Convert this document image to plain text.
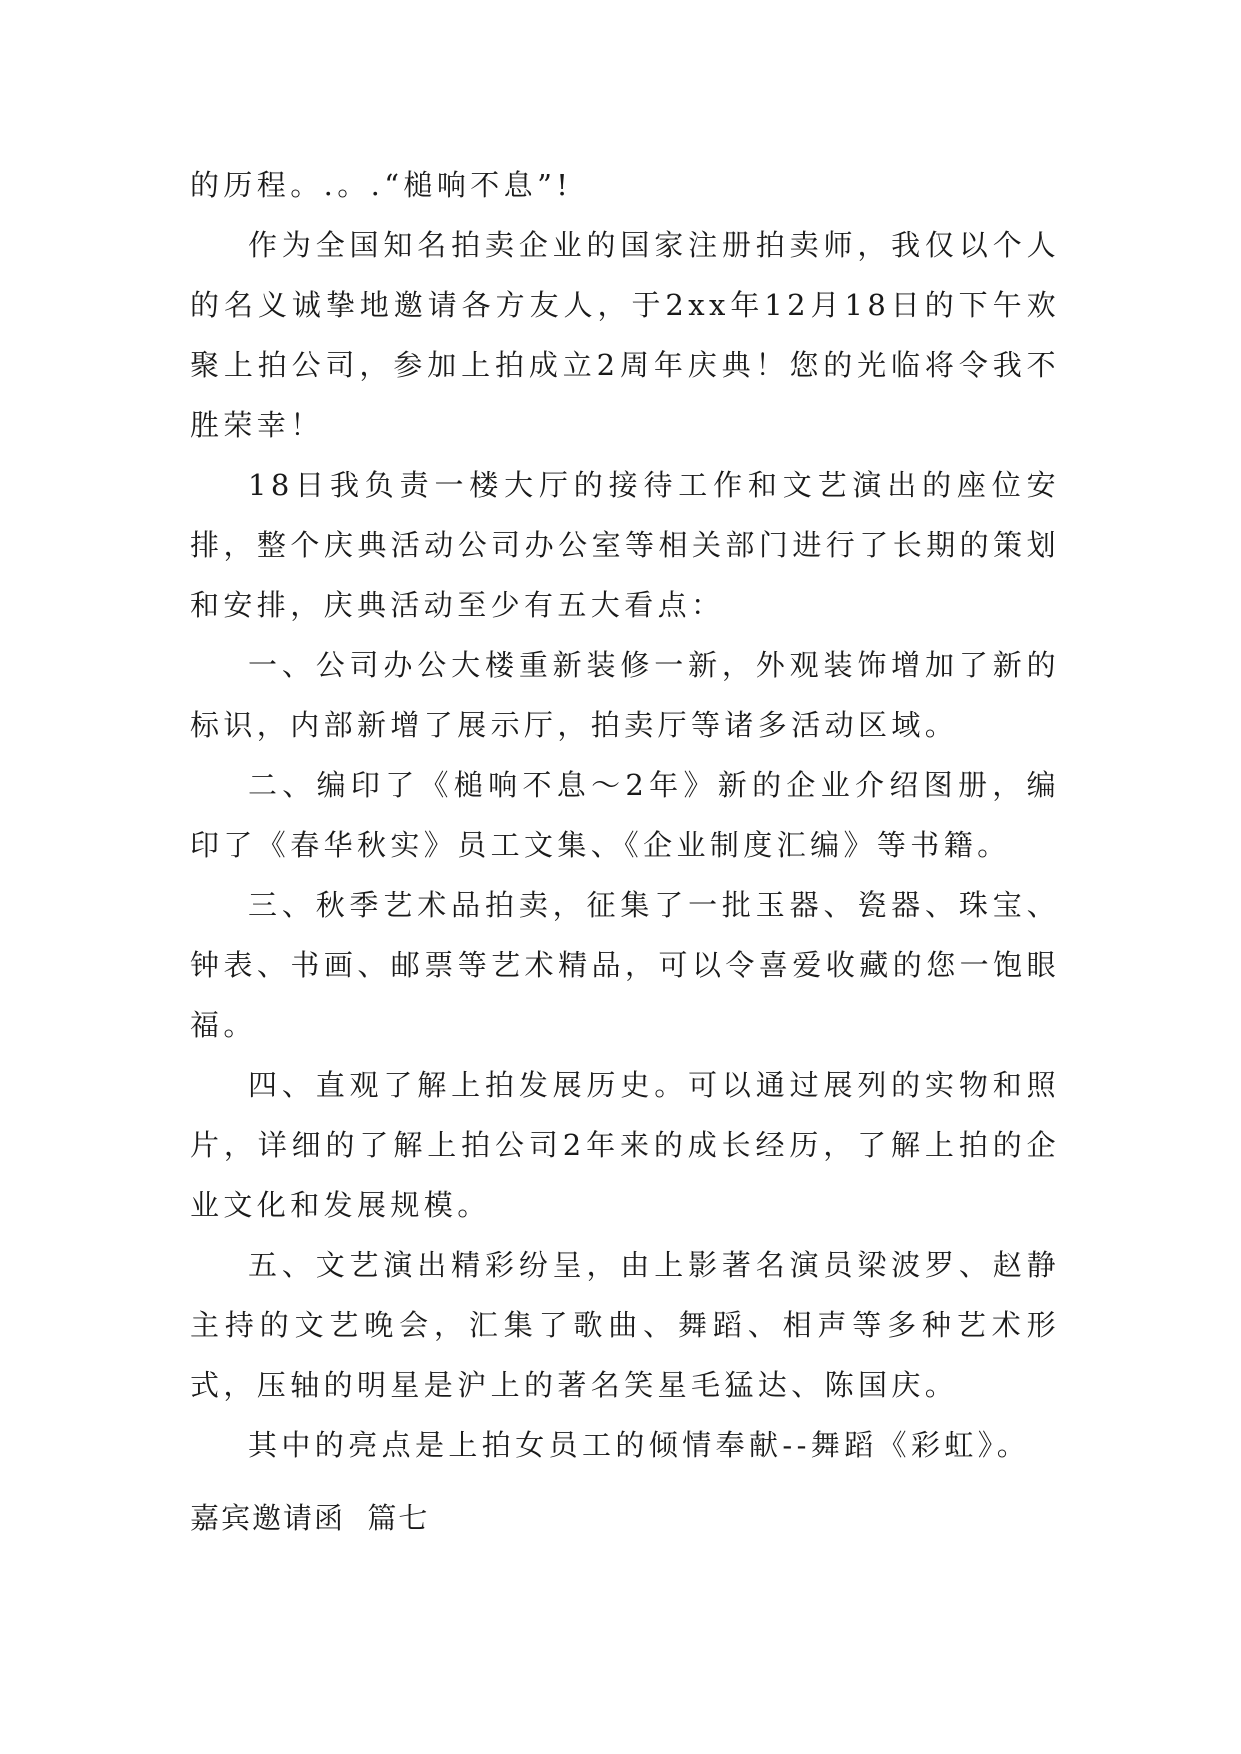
的历程。.。.“槌响不息”!

作为全国知名拍卖企业的国家注册拍卖师，我仅以个人的名义诚挚地邀请各方友人，于2xx年12月18日的下午欢聚上拍公司，参加上拍成立2周年庆典！您的光临将令我不胜荣幸！

18日我负责一楼大厅的接待工作和文艺演出的座位安排，整个庆典活动公司办公室等相关部门进行了长期的策划和安排，庆典活动至少有五大看点：

一、公司办公大楼重新装修一新，外观装饰增加了新的标识，内部新增了展示厅，拍卖厅等诸多活动区域。

二、编印了《槌响不息～2年》新的企业介绍图册，编印了《春华秋实》员工文集、《企业制度汇编》等书籍。

三、秋季艺术品拍卖，征集了一批玉器、瓷器、珠宝、钟表、书画、邮票等艺术精品，可以令喜爱收藏的您一饱眼福。

四、直观了解上拍发展历史。可以通过展列的实物和照片，详细的了解上拍公司2年来的成长经历，了解上拍的企业文化和发展规模。

五、文艺演出精彩纷呈，由上影著名演员梁波罗、赵静主持的文艺晚会，汇集了歌曲、舞蹈、相声等多种艺术形式，压轴的明星是沪上的著名笑星毛猛达、陈国庆。

其中的亮点是上拍女员工的倾情奉献--舞蹈《彩虹》。

嘉宾邀请函  篇七
